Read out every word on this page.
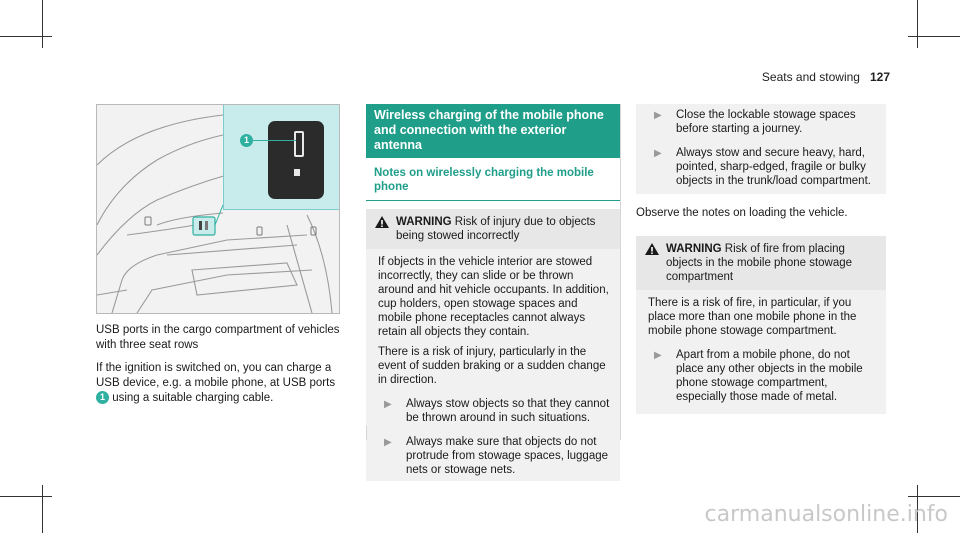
Seats and stowing 127
1

USB ports in the cargo compartment of vehicles with three seat rows

If the ignition is switched on, you can charge a USB device, e.g. a mobile phone, at USB ports
1 using a suitable charging cable.

Wireless charging of the mobile phone and connection with the exterior antenna
Notes on wirelessly charging the mobile phone
WARNING Risk of injury due to objects being stowed incorrectly

If objects in the vehicle interior are stowed incorrectly, they can slide or be thrown around and hit vehicle occupants. In addition, cup holders, open stowage spaces and mobile phone receptacles cannot always retain all objects they contain.

There is a risk of injury, particularly in the event of sudden braking or a sudden change in direction.

▶	Always stow objects so that they cannot be thrown around in such situations.
▶	Always make sure that objects do not protrude from stowage spaces, luggage nets or stowage nets.
▶	Close the lockable stowage spaces before starting a journey.
▶	Always stow and secure heavy, hard, pointed, sharp-edged, fragile or bulky objects in the trunk/load compartment.

Observe the notes on loading the vehicle.

WARNING Risk of fire from placing objects in the mobile phone stowage compartment

There is a risk of fire, in particular, if you place more than one mobile phone in the mobile phone stowage compartment.

▶	Apart from a mobile phone, do not place any other objects in the mobile phone stowage compartment, especially those made of metal.
carmanualsonline.info
